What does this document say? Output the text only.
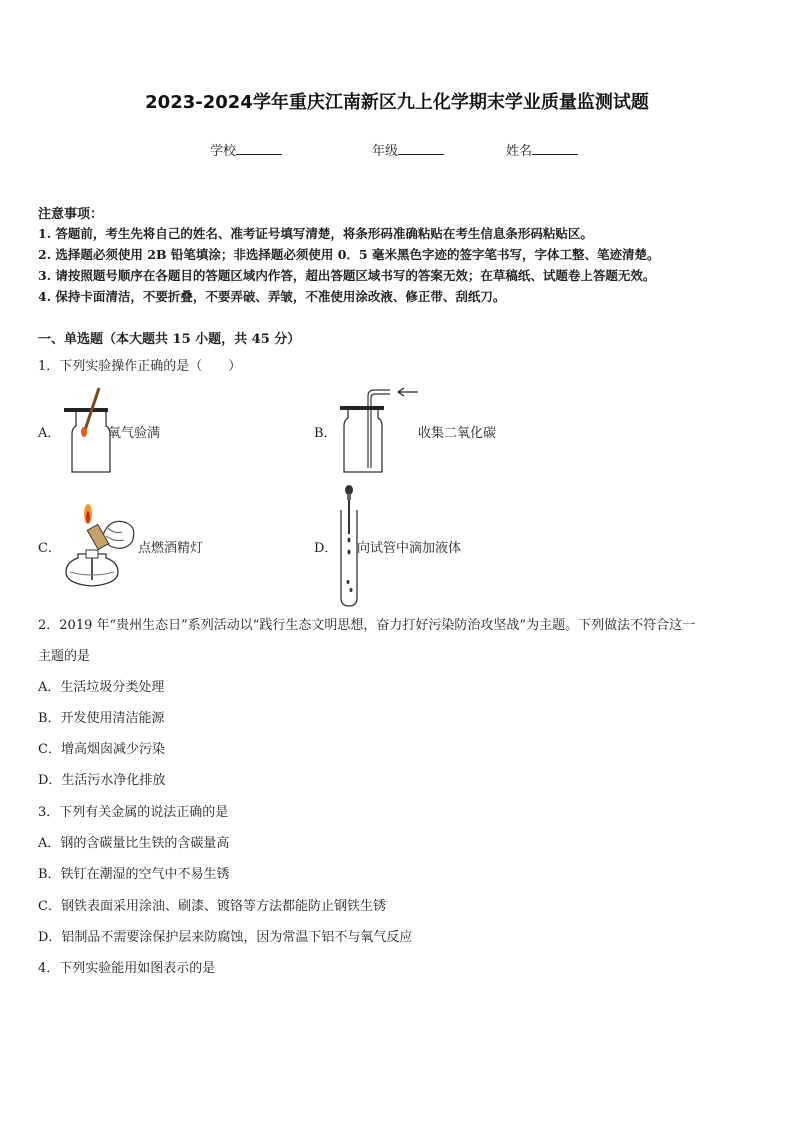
2023-2024学年重庆江南新区九上化学期末学业质量监测试题
学校	年级	姓名
注意事项：
1. 答题前，考生先将自己的姓名、准考证号填写清楚，将条形码准确粘贴在考生信息条形码粘贴区。
2. 选择题必须使用 2B 铅笔填涂；非选择题必须使用 0．5 毫米黑色字迹的签字笔书写，字体工整、笔迹清楚。
3. 请按照题号顺序在各题目的答题区域内作答，超出答题区域书写的答案无效；在草稿纸、试题卷上答题无效。
4. 保持卡面清洁，不要折叠，不要弄破、弄皱，不准使用涂改液、修正带、刮纸刀。
一、单选题（本大题共 15 小题，共 45 分）
1．下列实验操作正确的是（　　）
A．	氧气验满	B．	收集二氧化碳
C．	点燃酒精灯	D． 向试管中滴加液体
2．2019 年“贵州生态日”系列活动以“践行生态文明思想，奋力打好污染防治攻坚战”为主题。下列做法不符合这一
主题的是
A．生活垃圾分类处理
B．开发使用清洁能源
C．增高烟囱减少污染
D．生活污水净化排放
3．下列有关金属的说法正确的是
A．钢的含碳量比生铁的含碳量高
B．铁钉在潮湿的空气中不易生锈
C．钢铁表面采用涂油、刷漆、镀铬等方法都能防止钢铁生锈
D．铝制品不需要涂保护层来防腐蚀，因为常温下铝不与氧气反应
4．下列实验能用如图表示的是
